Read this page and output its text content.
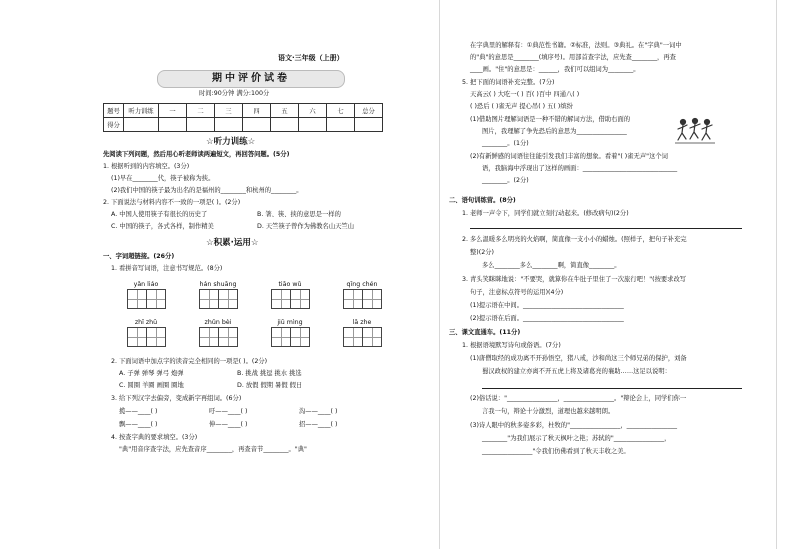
语文·三年级（上册）
期中评价试卷
时间:90分钟 满分:100分
题号	听力训练	一	二	三	四	五	六	七	总分
得分									
☆听力训练☆
先阅读下列问题，然后用心听老师读两遍短文，再回答问题。(5分)
1. 根据听到的内容填空。(3分)
(1)早在________代，筷子被称为挟。
(2)我们中国的筷子最为出名的是福州的________和杭州的________。
2. 下面说法与材料内容不一致的一项是( )。(2分)
A. 中国人使用筷子有很长的历史了	B. 箸、筷、挟的意思是一样的
C. 中国的筷子，各式各样，制作精美	D. 天竺筷子曾作为佛教名山天竺山
☆积累·运用☆
一、字词超链接。(26分)
1. 看拼音写词语，注意书写规范。(8分)
yǎn liáo	hán shuāng	tiāo wǔ	qīng chén
zhī zhū	zhǔn bèi	jiū mìng	lā zhe
2. 下面词语中加点字的读音完全相同的一项是( )。(2分)
A. 子弹 弹琴 弹弓 炮弹	B. 挑战 挑逗 挑水 挑选
C. 圆圈 羊圈 画圈 圈地	D. 放假 假期 暑假 假日
3. 给下列汉字去偏旁，变成新字再组词。(6分)
揽——____( )	吁——____( )	沟——____( )
飘——____( )	伸——____( )	招——____( )
4. 按查字典的要求填空。(3分)
"典"用音序查字法，应先查音序________，再查音节________。"典"
在字典里的解释有：①典范性书籍。②标准，法则。③典礼。在"字典"一词中
的"典"的意思是________(填序号)。用部首查字法，应先查________，再查
____画。"住"的意思是：______，我们可以组词为________。
5. 把下面的词语补充完整。(7分)
天高云( ) 大吃一( ) 百( )百中 四通八( )
( )恐后 ( )雀无声 提心吊( ) 五( )缤纷
(1)借助图片理解词语是一种不错的解词方法，借助右面的
图片，我理解了争先恐后的意思为________________
________。(1分)
(2)有新鲜感的词语往往能引发我们丰富的想象。看着"( )雀无声"这个词
语，我脑海中浮现出了这样的画面：______________________________
________。(2分)
二、语句训练营。(8分)
1. 老师一声令下，同学们就立刻行动起来。(修改病句)(2分)
2. 多么温暖多么明亮的火焰啊，简直像一支小小的蜡烛。(照样子，把句子补充完
整)(2分)
多么________多么________啊，简直像________。
3. 青头笑眯眯地说："不要哭，就算你在牛肚子里住了一次旅行吧！"(按要求改写
句子，注意标点符号的运用)(4分)
(1)提示语在中间。________________________________
(2)提示语在后面。________________________________
三、课文直通车。(11分)
1. 根据语境默写诗句或俗语。(7分)
(1)唐僧取经的成功离不开孙悟空，猪八戒，沙和尚这三个师兄弟的保护，刘备
蜀汉政权的建立亦离不开五虎上将及诸葛亮的襄助……这足以说明：
(2)俗话说："________________，________________。"辩论会上，同学们你一
言我一句，辩论十分激烈，道理也越来越明朗。
(3)诗人眼中的秋多姿多彩，杜牧的"________________，________________
________"为我们展示了秋天枫叶之艳；苏轼的"________________，
________________"令我们仿佛看到了秋天丰收之美。
